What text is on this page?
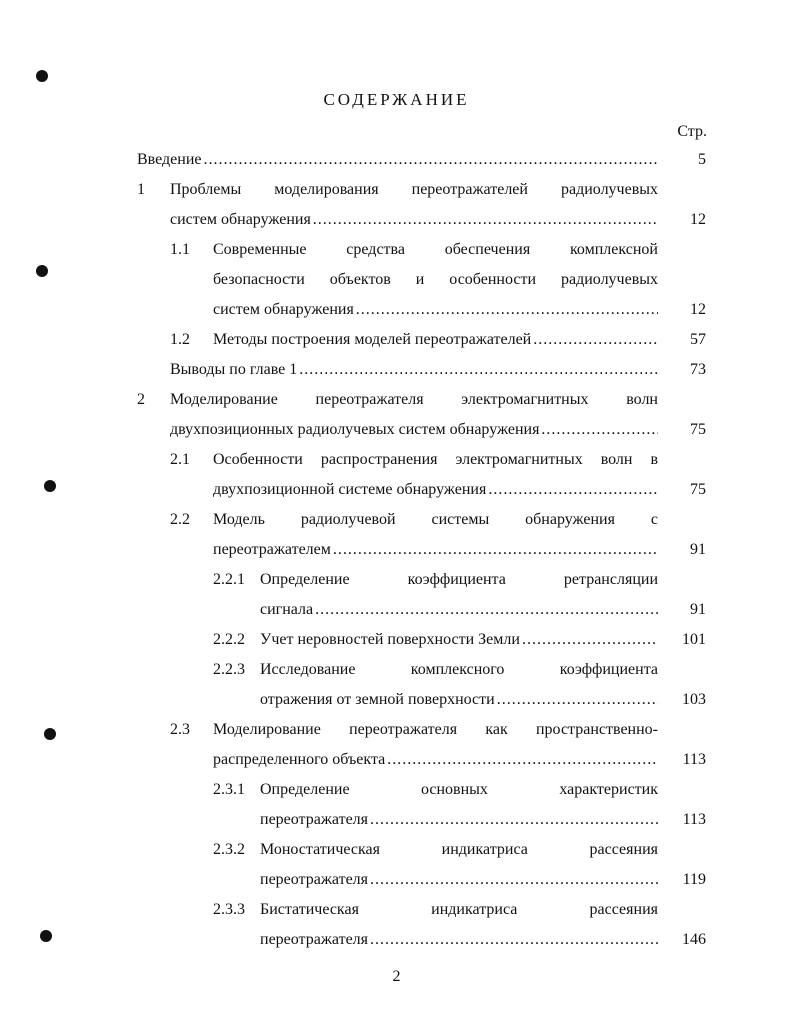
СОДЕРЖАНИЕ
Стр.
5
Введение
.....
1 Проблемы моделирования переотражателей радиолучевых
12
систем обнаружения
.....
1.1 Современные средства обеспечения комплексной
безопасности объектов и особенности радиолучевых
12
систем обнаружения
.....
1.2	57
Методы построения моделей переотражателей
.....
73
Выводы по главе 1
.....
2 Моделирование переотражателя электромагнитных волн
75
двухпозиционных радиолучевых систем обнаружения
.....
2.1 Особенности распространения электромагнитных волн в
75
двухпозиционной системе обнаружения
.....
2.2 Модель радиолучевой системы обнаружения с
91
переотражателем
.....
2.2.1 Определение коэффициента ретрансляции
91
сигнала
.....
2.2.2	101
Учет неровностей поверхности Земли
.....
2.2.3 Исследование комплексного коэффициента
103
отражения от земной поверхности
.....
2.3 Моделирование переотражателя как пространственно-
113
распределенного объекта
.....
2.3.1 Определение основных характеристик
113
переотражателя
.....
2.3.2 Моностатическая индикатриса рассеяния
119
переотражателя
.....
2.3.3 Бистатическая индикатриса рассеяния
146
переотражателя
.....
2
